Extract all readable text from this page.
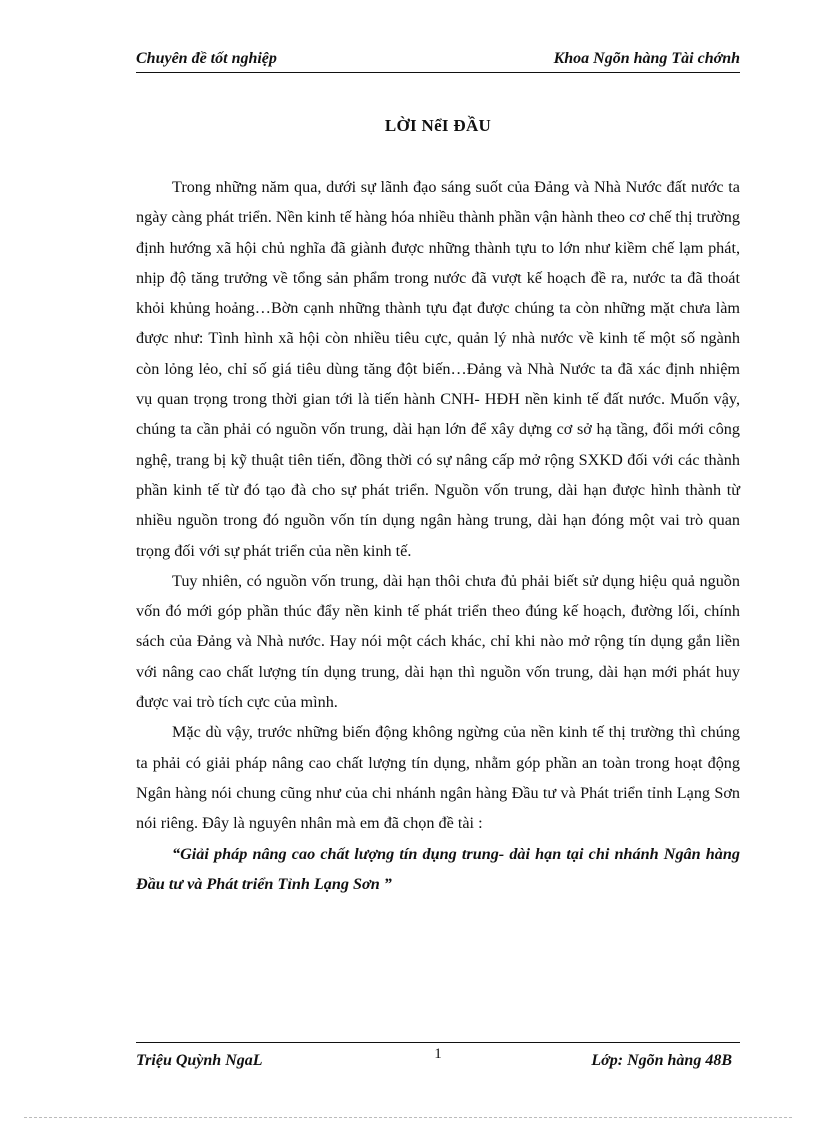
Chuyên đề tốt nghiệp	Khoa Ngõn hàng Tài chớnh
LỜI NểI ĐẦU

Trong những năm qua, dưới sự lãnh đạo sáng suốt của Đảng và Nhà Nước đất nước ta ngày càng phát triển. Nền kinh tế hàng hóa nhiều thành phần vận hành theo cơ chế thị trường định hướng xã hội chủ nghĩa đã giành được những thành tựu to lớn như kiềm chế lạm phát, nhịp độ tăng trưởng về tổng sản phẩm trong nước đã vượt kế hoạch đề ra, nước ta đã thoát khỏi khủng hoảng…Bờn cạnh những thành tựu đạt được chúng ta còn những mặt chưa làm được như: Tình hình xã hội còn nhiều tiêu cực, quản lý nhà nước về kinh tế một số ngành còn lỏng lẻo, chỉ số giá tiêu dùng tăng đột biến…Đảng và Nhà Nước ta đã xác định nhiệm vụ quan trọng trong thời gian tới là tiến hành CNH- HĐH nền kinh tế đất nước. Muốn vậy, chúng ta cần phải có nguồn vốn trung, dài hạn lớn để xây dựng cơ sở hạ tầng, đổi mới công nghệ, trang bị kỹ thuật tiên tiến, đồng thời có sự nâng cấp mở rộng SXKD đối với các thành phần kinh tế từ đó tạo đà cho sự phát triển. Nguồn vốn trung, dài hạn được hình thành từ nhiều nguồn trong đó nguồn vốn tín dụng ngân hàng trung, dài hạn đóng một vai trò quan trọng đối với sự phát triển của nền kinh tế.

Tuy nhiên, có nguồn vốn trung, dài hạn thôi chưa đủ phải biết sử dụng hiệu quả nguồn vốn đó mới góp phần thúc đẩy nền kinh tế phát triển theo đúng kế hoạch, đường lối, chính sách của Đảng và Nhà nước. Hay nói một cách khác, chỉ khi nào mở rộng tín dụng gắn liền với nâng cao chất lượng tín dụng trung, dài hạn thì nguồn vốn trung, dài hạn mới phát huy được vai trò tích cực của mình.

Mặc dù vậy, trước những biến động không ngừng của nền kinh tế thị trường thì chúng ta phải có giải pháp nâng cao chất lượng tín dụng, nhằm góp phần an toàn trong hoạt động Ngân hàng nói chung cũng như của chi nhánh ngân hàng Đầu tư và Phát triển tỉnh Lạng Sơn nói riêng. Đây là nguyên nhân mà em đã chọn đề tài :

“Giải pháp nâng cao chất lượng tín dụng trung- dài hạn tại chi nhánh Ngân hàng Đầu tư và Phát triển Tỉnh Lạng Sơn ”

Triệu Quỳnh NgaL	1	Lớp: Ngõn hàng 48B
